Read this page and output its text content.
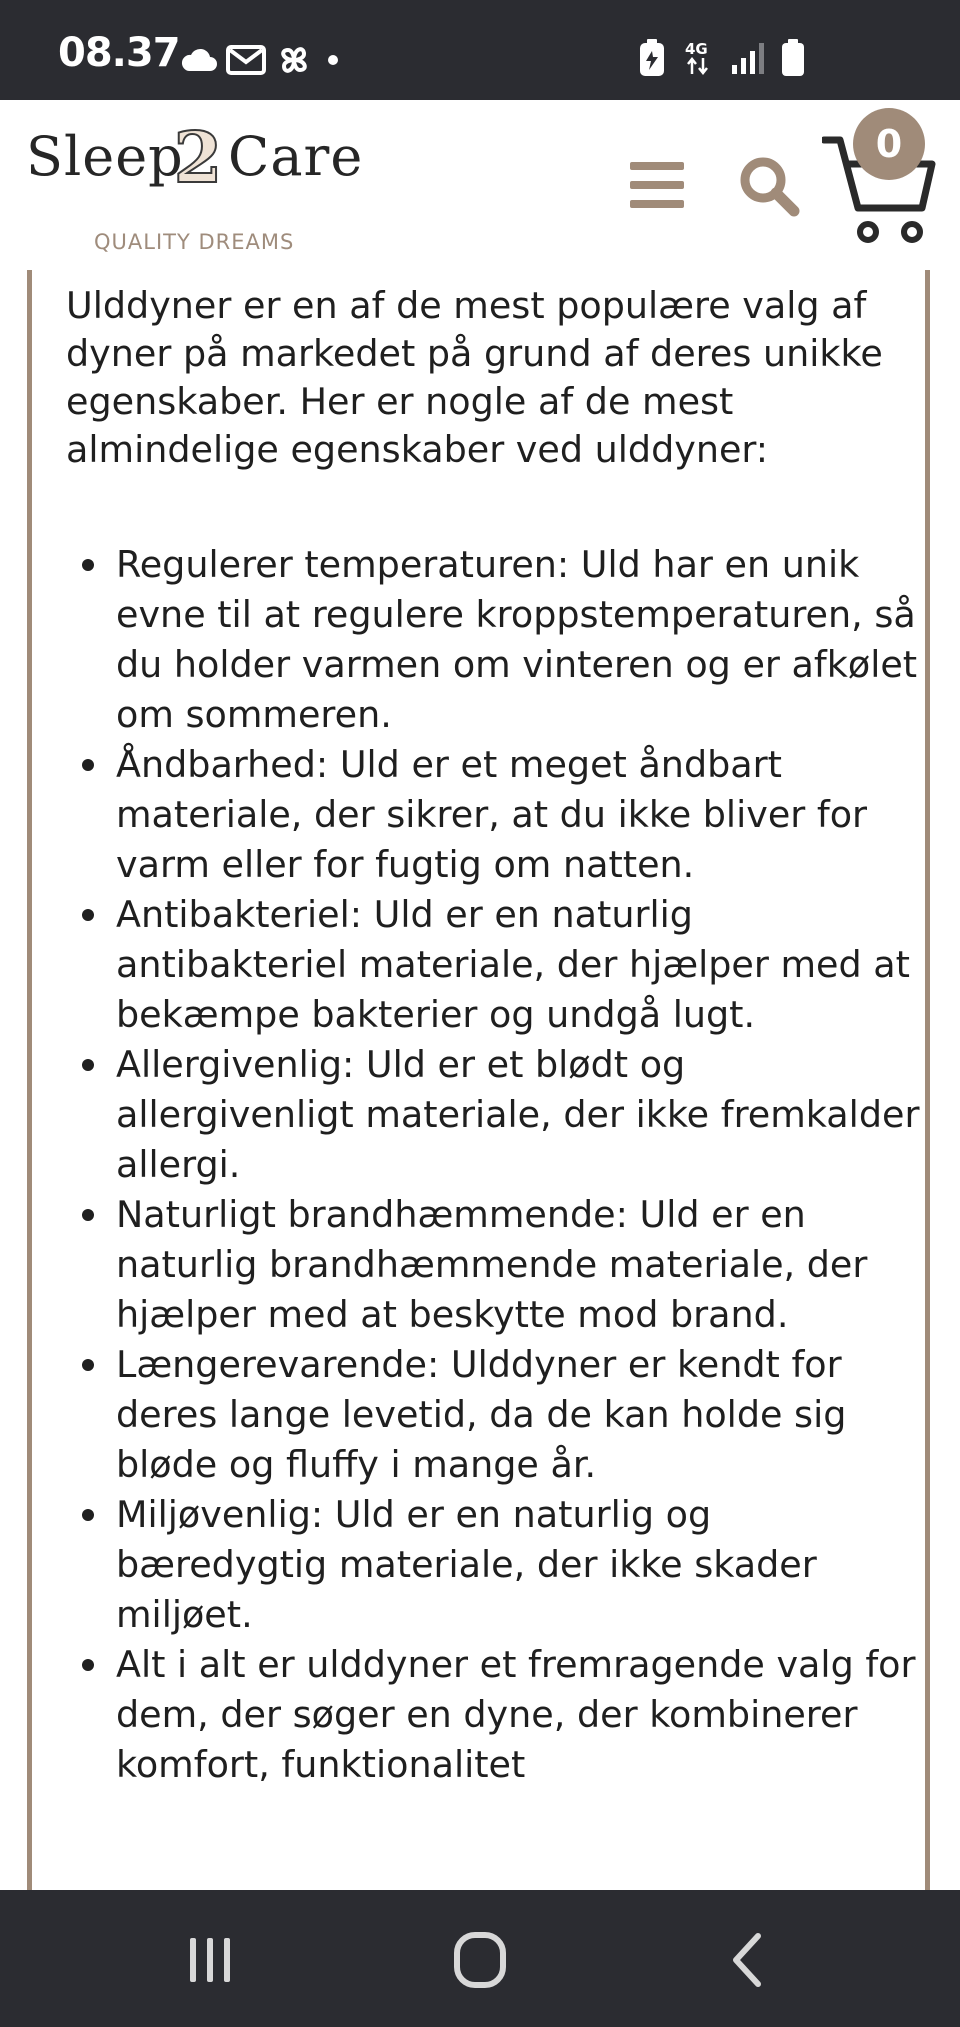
08.37	4G
Sleep
2 Care
QUALITY DREAMS
0

Ulddyner er en af de mest populære valg af dyner på markedet på grund af deres unikke egenskaber. Her er nogle af de mest almindelige egenskaber ved ulddyner:

Regulerer temperaturen: Uld har en unik evne til at regulere kroppstemperaturen, så du holder varmen om vinteren og er afkølet om sommeren.
Åndbarhed: Uld er et meget åndbart materiale, der sikrer, at du ikke bliver for varm eller for fugtig om natten.
Antibakteriel: Uld er en naturlig antibakteriel materiale, der hjælper med at bekæmpe bakterier og undgå lugt.
Allergivenlig: Uld er et blødt og allergivenligt materiale, der ikke fremkalder allergi.
Naturligt brandhæmmende: Uld er en naturlig brandhæmmende materiale, der hjælper med at beskytte mod brand.
Længerevarende: Ulddyner er kendt for deres lange levetid, da de kan holde sig bløde og fluffy i mange år.
Miljøvenlig: Uld er en naturlig og bæredygtig materiale, der ikke skader miljøet.
Alt i alt er ulddyner et fremragende valg for dem, der søger en dyne, der kombinerer komfort, funktionalitet
